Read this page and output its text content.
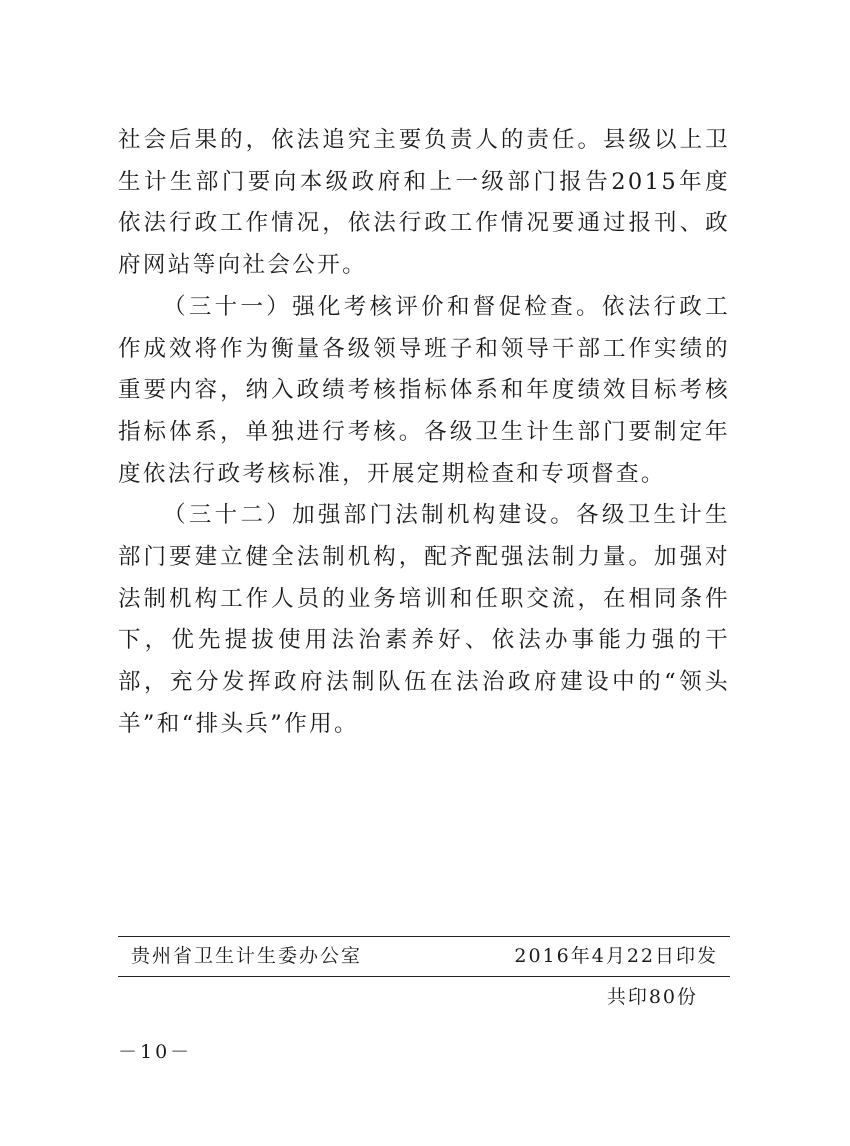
社会后果的，依法追究主要负责人的责任。县级以上卫生计生部门要向本级政府和上一级部门报告2015年度依法行政工作情况，依法行政工作情况要通过报刊、政府网站等向社会公开。

（三十一）强化考核评价和督促检查。依法行政工作成效将作为衡量各级领导班子和领导干部工作实绩的重要内容，纳入政绩考核指标体系和年度绩效目标考核指标体系，单独进行考核。各级卫生计生部门要制定年度依法行政考核标准，开展定期检查和专项督查。

（三十二）加强部门法制机构建设。各级卫生计生部门要建立健全法制机构，配齐配强法制力量。加强对法制机构工作人员的业务培训和任职交流，在相同条件下，优先提拔使用法治素养好、依法办事能力强的干部，充分发挥政府法制队伍在法治政府建设中的“领头羊”和“排头兵”作用。

贵州省卫生计生委办公室	2016年4月22日印发
共印80份
－10－
